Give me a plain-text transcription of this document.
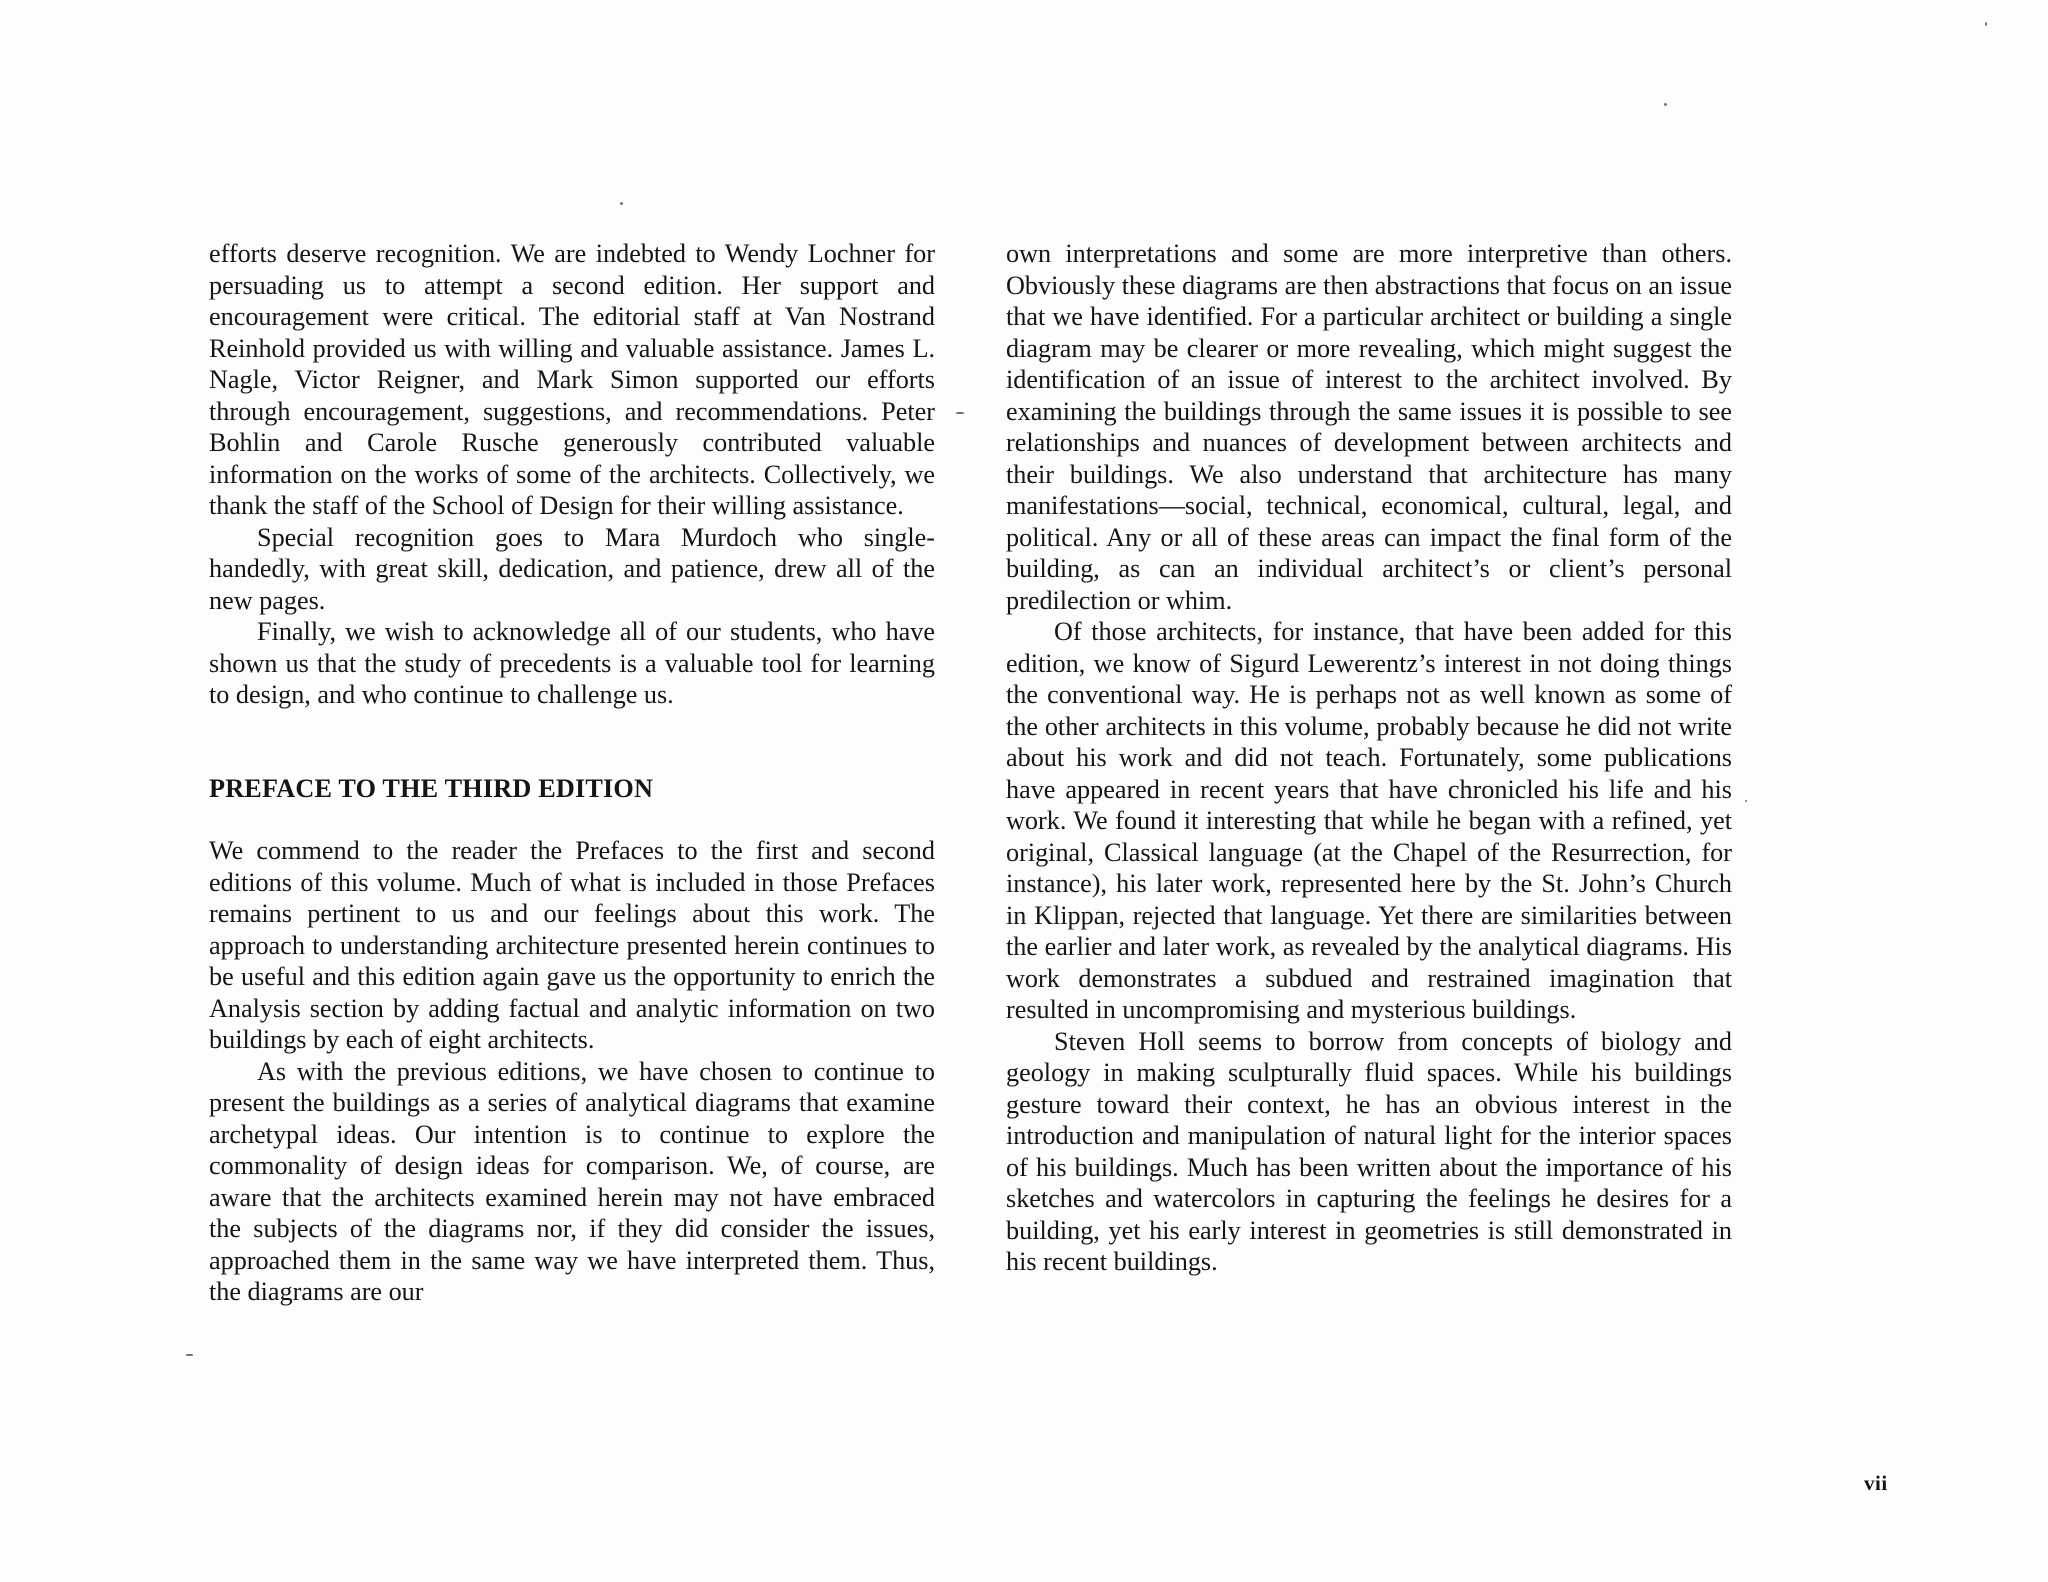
efforts deserve recognition. We are indebted to Wendy Lochner for persuading us to attempt a second edition. Her support and encouragement were critical. The editorial staff at Van Nostrand Reinhold provided us with willing and valuable assistance. James L. Nagle, Victor Reigner, and Mark Simon supported our efforts through encouragement, suggestions, and recommendations. Peter Bohlin and Carole Rusche generously contributed valuable information on the works of some of the architects. Collectively, we thank the staff of the School of Design for their willing assistance.

Special recognition goes to Mara Murdoch who single-handedly, with great skill, dedication, and patience, drew all of the new pages.

Finally, we wish to acknowledge all of our students, who have shown us that the study of precedents is a valuable tool for learning to design, and who continue to challenge us.

PREFACE TO THE THIRD EDITION

We commend to the reader the Prefaces to the first and second editions of this volume. Much of what is included in those Prefaces remains pertinent to us and our feelings about this work. The approach to understanding architecture presented herein continues to be useful and this edition again gave us the opportunity to enrich the Analysis section by adding factual and analytic information on two buildings by each of eight architects.

As with the previous editions, we have chosen to continue to present the buildings as a series of analytical diagrams that examine archetypal ideas. Our intention is to continue to explore the commonality of design ideas for comparison. We, of course, are aware that the architects examined herein may not have embraced the subjects of the diagrams nor, if they did consider the issues, approached them in the same way we have interpreted them. Thus, the diagrams are our

own interpretations and some are more interpretive than others. Obviously these diagrams are then abstractions that focus on an issue that we have identified. For a particular architect or building a single diagram may be clearer or more revealing, which might suggest the identification of an issue of interest to the architect involved. By examining the buildings through the same issues it is possible to see relationships and nuances of development between architects and their buildings. We also understand that architecture has many manifestations—social, technical, economical, cultural, legal, and political. Any or all of these areas can impact the final form of the building, as can an individual architect’s or client’s personal predilection or whim.

Of those architects, for instance, that have been added for this edition, we know of Sigurd Lewerentz’s interest in not doing things the conventional way. He is perhaps not as well known as some of the other architects in this volume, probably because he did not write about his work and did not teach. Fortunately, some publications have appeared in recent years that have chronicled his life and his work. We found it interesting that while he began with a refined, yet original, Classical language (at the Chapel of the Resurrection, for instance), his later work, represented here by the St. John’s Church in Klippan, rejected that language. Yet there are similarities between the earlier and later work, as revealed by the analytical diagrams. His work demonstrates a subdued and restrained imagination that resulted in uncompromising and mysterious buildings.

Steven Holl seems to borrow from concepts of biology and geology in making sculpturally fluid spaces. While his buildings gesture toward their context, he has an obvious interest in the introduction and manipulation of natural light for the interior spaces of his buildings. Much has been written about the importance of his sketches and watercolors in capturing the feelings he desires for a building, yet his early interest in geometries is still demonstrated in his recent buildings.

vii
